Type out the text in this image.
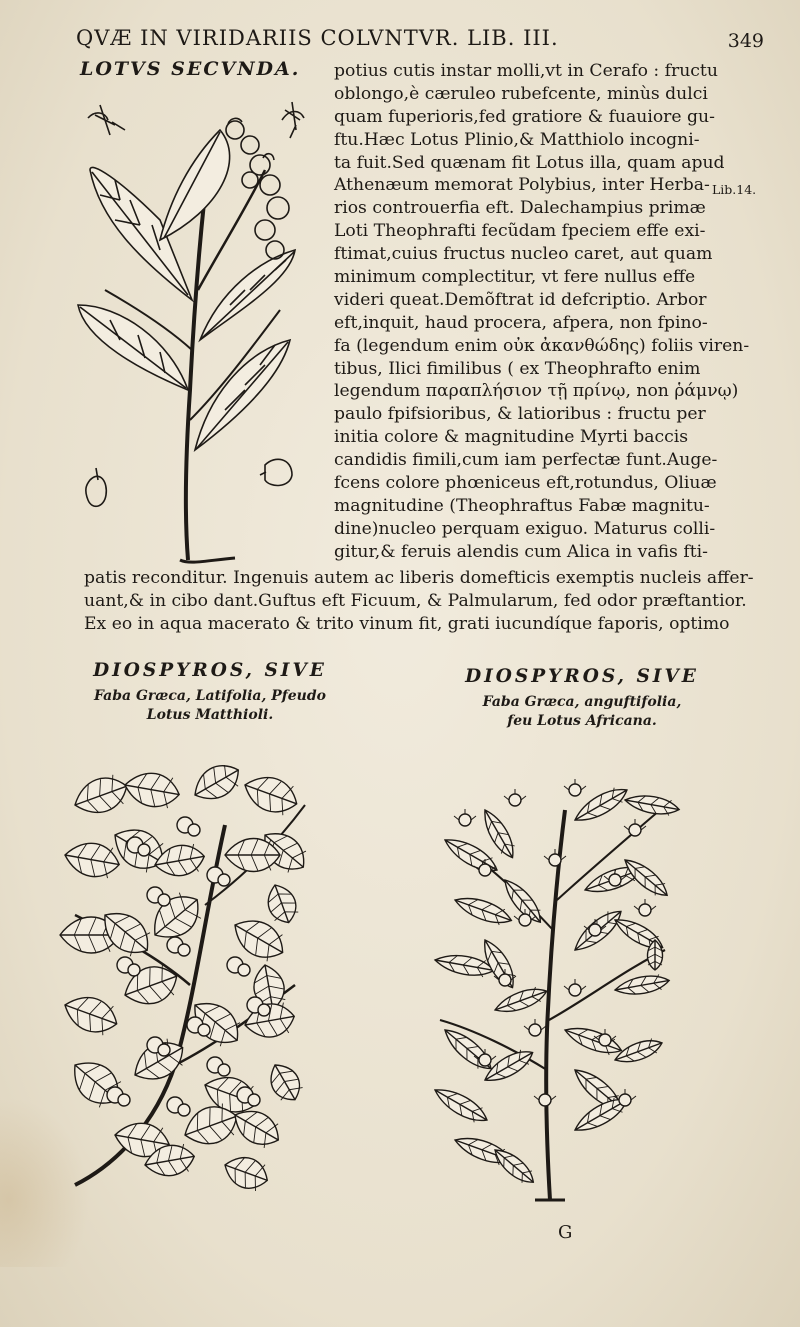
QVÆ IN VIRIDARIIS COLVNTVR. LIB. III.	349
LOTVS SECVNDA. potius cutis instar molli,vt in Cerafo : fructu
oblongo,è cæruleo rubefcente, minùs dulci
quam fuperioris,fed gratiore & fuauiore gu-
ftu.Hæc Lotus Plinio,& Matthiolo incogni-
ta fuit.Sed quænam fit Lotus illa, quam apud
Athenæum memorat Polybius, inter Herba-
rios controuerfia eft. Dalechampius primæ
Loti Theophrafti fecũdam fpeciem effe exi-
ftimat,cuius fructus nucleo caret, aut quam
minimum complectitur, vt fere nullus effe
videri queat.Demõftrat id defcriptio. Arbor
eft,inquit, haud procera, afpera, non fpino-
fa (legendum enim οὐκ ἀκανθώδης) foliis viren-
tibus, Ilici fimilibus ( ex Theophrafto enim
legendum παραπλήσιον τῇ πρίνῳ, non ῥάμνῳ)
paulo fpifsioribus, & latioribus : fructu per
initia colore & magnitudine Myrti baccis
candidis fimili,cum iam perfectæ funt.Auge-
fcens colore phœniceus eft,rotundus, Oliuæ
magnitudine (Theophraftus Fabæ magnitu-
dine)nucleo perquam exiguo. Maturus colli-
gitur,& feruis alendis cum Alica in vafis fti-
Lib.14.
patis reconditur. Ingenuis autem ac liberis domefticis exemptis nucleis affer-
uant,& in cibo dant.Guftus eft Ficuum, & Palmularum, fed odor præftantior.
Ex eo in aqua macerato & trito vinum fit, grati iucundíque faporis, optimo
DIOSPYROS, SIVE
Faba Græca, Latifolia, Pfeudo
Lotus Matthioli.
DIOSPYROS, SIVE
Faba Græca, anguftifolia,
feu Lotus Africana.
G
